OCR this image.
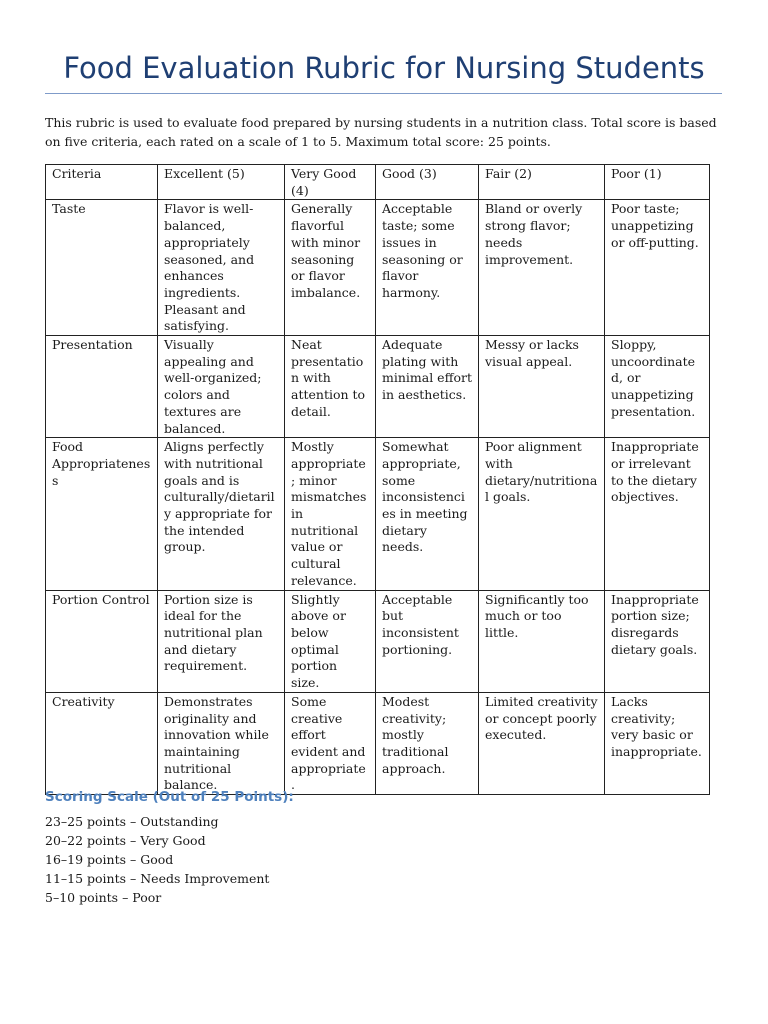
Food Evaluation Rubric for Nursing Students

This rubric is used to evaluate food prepared by nursing students in a nutrition class. Total score is based on five criteria, each rated on a scale of 1 to 5. Maximum total score: 25 points.

Criteria	Excellent (5)	Very Good (4)	Good (3)	Fair (2)	Poor (1)
Taste	Flavor is well-balanced, appropriately seasoned, and enhances ingredients. Pleasant and satisfying.	Generally flavorful with minor seasoning or flavor imbalance.	Acceptable taste; some issues in seasoning or flavor harmony.	Bland or overly strong flavor; needs improvement.	Poor taste; unappetizing or off-putting.
Presentation	Visually appealing and well-organized; colors and textures are balanced.	Neat presentation with attention to detail.	Adequate plating with minimal effort in aesthetics.	Messy or lacks visual appeal.	Sloppy, uncoordinated, or unappetizing presentation.
Food Appropriateness	Aligns perfectly with nutritional goals and is culturally/dietarily appropriate for the intended group.	Mostly appropriate; minor mismatches in nutritional value or cultural relevance.	Somewhat appropriate, some inconsistencies in meeting dietary needs.	Poor alignment with dietary/nutritional goals.	Inappropriate or irrelevant to the dietary objectives.
Portion Control	Portion size is ideal for the nutritional plan and dietary requirement.	Slightly above or below optimal portion size.	Acceptable but inconsistent portioning.	Significantly too much or too little.	Inappropriate portion size; disregards dietary goals.
Creativity	Demonstrates originality and innovation while maintaining nutritional balance.	Some creative effort evident and appropriate.	Modest creativity; mostly traditional approach.	Limited creativity or concept poorly executed.	Lacks creativity; very basic or inappropriate.
Scoring Scale (Out of 25 Points):
23–25 points – Outstanding
20–22 points – Very Good
16–19 points – Good
11–15 points – Needs Improvement
5–10 points – Poor
